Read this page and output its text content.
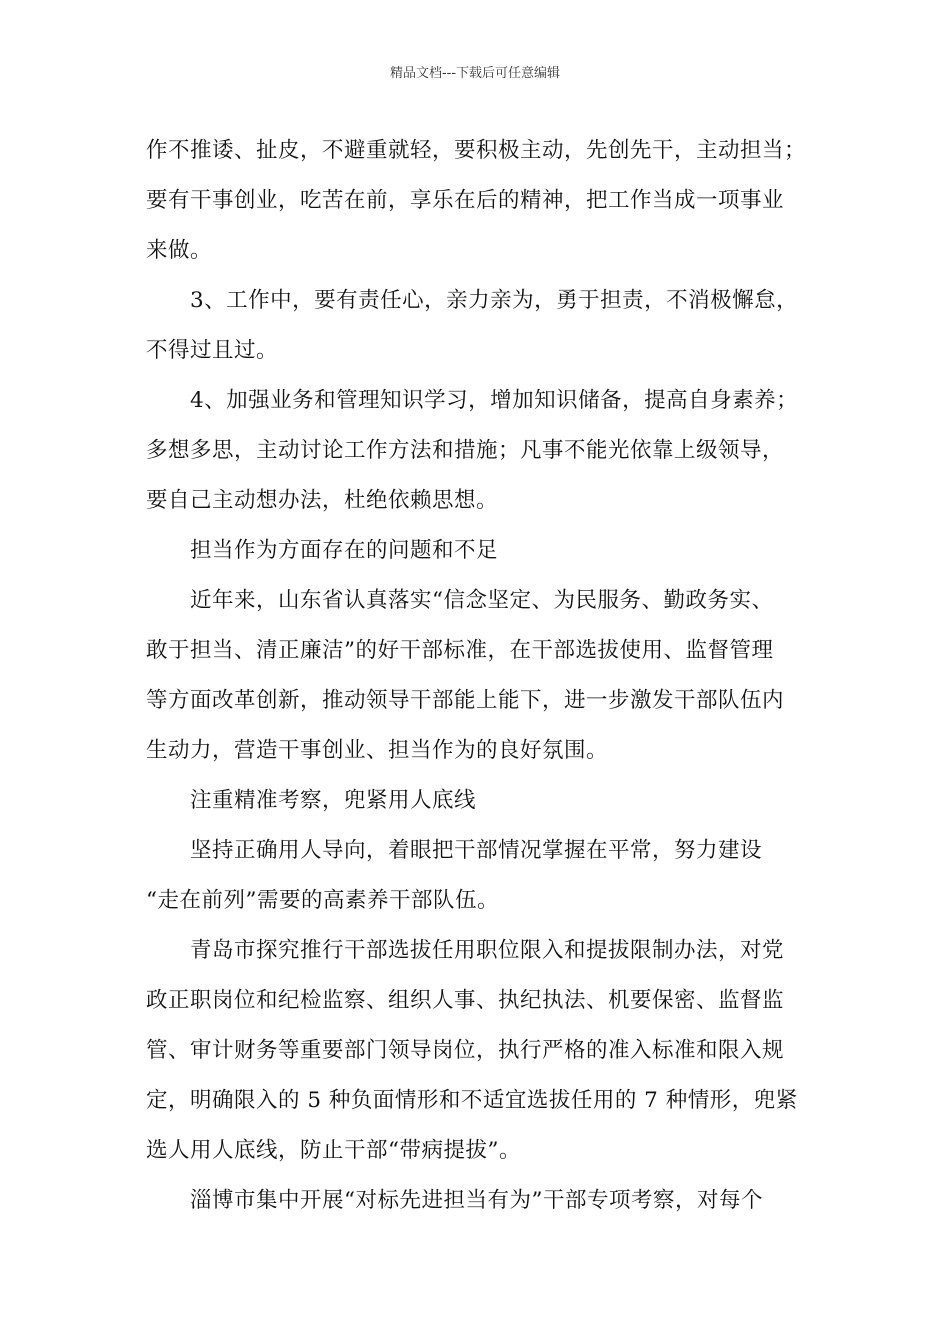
精品文档---下载后可任意编辑

作不推诿、扯皮，不避重就轻，要积极主动，先创先干，主动担当；
要有干事创业，吃苦在前，享乐在后的精神，把工作当成一项事业
来做。

3、工作中，要有责任心，亲力亲为，勇于担责，不消极懈怠，
不得过且过。

4、加强业务和管理知识学习，增加知识储备，提高自身素养；
多想多思，主动讨论工作方法和措施；凡事不能光依靠上级领导，
要自己主动想办法，杜绝依赖思想。

担当作为方面存在的问题和不足

近年来，山东省认真落实“信念坚定、为民服务、勤政务实、
敢于担当、清正廉洁”的好干部标准，在干部选拔使用、监督管理
等方面改革创新，推动领导干部能上能下，进一步激发干部队伍内
生动力，营造干事创业、担当作为的良好氛围。

注重精准考察，兜紧用人底线

坚持正确用人导向，着眼把干部情况掌握在平常，努力建设
“走在前列”需要的高素养干部队伍。

青岛市探究推行干部选拔任用职位限入和提拔限制办法，对党
政正职岗位和纪检监察、组织人事、执纪执法、机要保密、监督监
管、审计财务等重要部门领导岗位，执行严格的准入标准和限入规
定，明确限入的 5 种负面情形和不适宜选拔任用的 7 种情形，兜紧
选人用人底线，防止干部“带病提拔”。

淄博市集中开展“对标先进担当有为”干部专项考察，对每个
